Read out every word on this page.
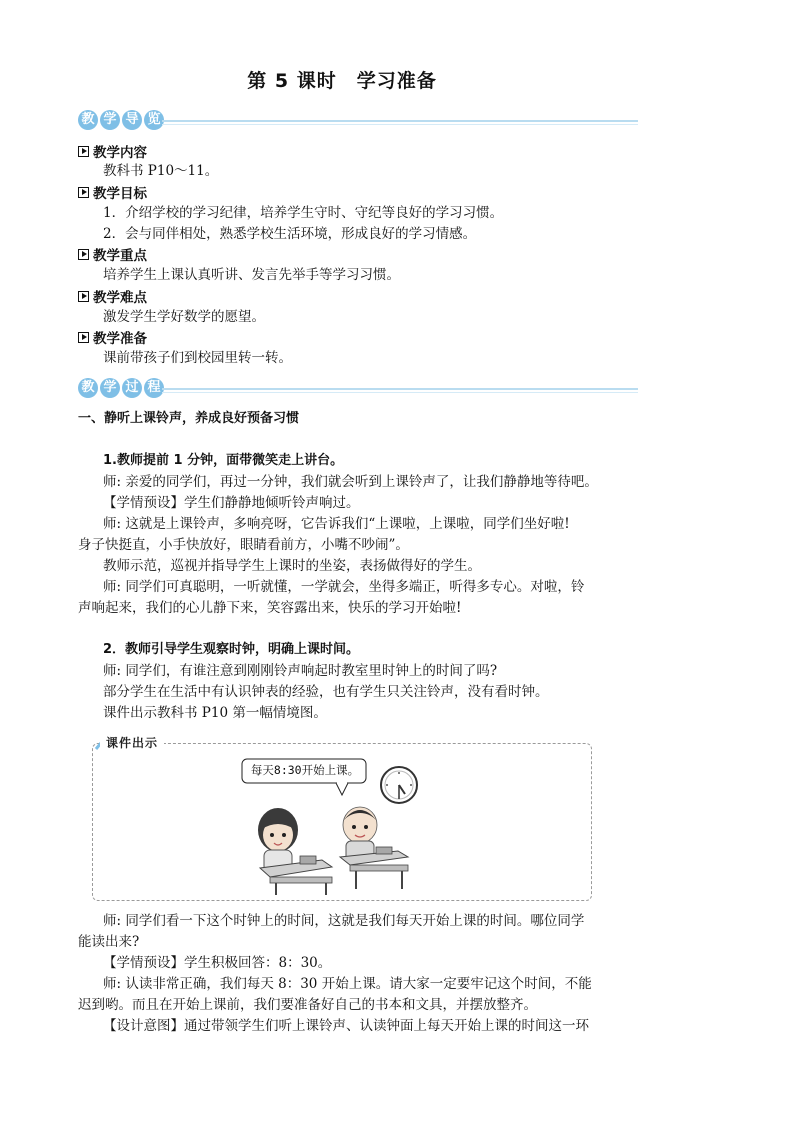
第 5 课时　学习准备
教 学 导 览
教学内容
教科书 P10～11。
教学目标
1．介绍学校的学习纪律，培养学生守时、守纪等良好的学习习惯。
2．会与同伴相处，熟悉学校生活环境，形成良好的学习情感。
教学重点
培养学生上课认真听讲、发言先举手等学习习惯。
教学难点
激发学生学好数学的愿望。
教学准备
课前带孩子们到校园里转一转。
教 学 过 程
一、静听上课铃声，养成良好预备习惯
1.教师提前 1 分钟，面带微笑走上讲台。
师: 亲爱的同学们，再过一分钟，我们就会听到上课铃声了，让我们静静地等待吧。
【学情预设】学生们静静地倾听铃声响过。
师: 这就是上课铃声，多响亮呀，它告诉我们“上课啦，上课啦，同学们坐好啦!
身子快挺直，小手快放好，眼睛看前方，小嘴不吵闹”。
教师示范，巡视并指导学生上课时的坐姿，表扬做得好的学生。
师: 同学们可真聪明，一听就懂，一学就会，坐得多端正，听得多专心。对啦，铃
声响起来，我们的心儿静下来，笑容露出来，快乐的学习开始啦!
2．教师引导学生观察时钟，明确上课时间。
师: 同学们，有谁注意到刚刚铃声响起时教室里时钟上的时间了吗?
部分学生在生活中有认识钟表的经验，也有学生只关注铃声，没有看时钟。
课件出示教科书 P10 第一幅情境图。
课件出示
每天8:30开始上课。
师: 同学们看一下这个时钟上的时间，这就是我们每天开始上课的时间。哪位同学
能读出来?
【学情预设】学生积极回答：8：30。
师: 认读非常正确，我们每天 8：30 开始上课。请大家一定要牢记这个时间，不能
迟到哟。而且在开始上课前，我们要准备好自己的书本和文具，并摆放整齐。
【设计意图】通过带领学生们听上课铃声、认读钟面上每天开始上课的时间这一环
